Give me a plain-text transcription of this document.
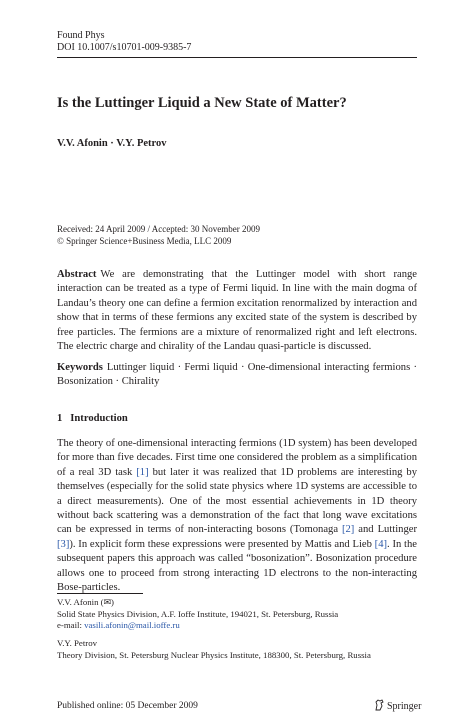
Found Phys
DOI 10.1007/s10701-009-9385-7
Is the Luttinger Liquid a New State of Matter?
V.V. Afonin · V.Y. Petrov
Received: 24 April 2009 / Accepted: 30 November 2009
© Springer Science+Business Media, LLC 2009
Abstract We are demonstrating that the Luttinger model with short range interaction can be treated as a type of Fermi liquid. In line with the main dogma of Landau’s theory one can define a fermion excitation renormalized by interaction and show that in terms of these fermions any excited state of the system is described by free particles. The fermions are a mixture of renormalized right and left electrons. The electric charge and chirality of the Landau quasi-particle is discussed.
Keywords Luttinger liquid · Fermi liquid · One-dimensional interacting fermions · Bosonization · Chirality
1 Introduction
The theory of one-dimensional interacting fermions (1D system) has been developed for more than five decades. First time one considered the problem as a simplification of a real 3D task [1] but later it was realized that 1D problems are interesting by themselves (especially for the solid state physics where 1D systems are accessible to a direct measurements). One of the most essential achievements in 1D theory without back scattering was a demonstration of the fact that long wave excitations can be expressed in terms of non-interacting bosons (Tomonaga [2] and Luttinger [3]). In explicit form these expressions were presented by Mattis and Lieb [4]. In the subsequent papers this approach was called “bosonization”. Bosonization procedure allows one to proceed from strong interacting 1D electrons to the non-interacting Bose-particles.
V.V. Afonin (✉)
Solid State Physics Division, A.F. Ioffe Institute, 194021, St. Petersburg, Russia
e-mail: vasili.afonin@mail.ioffe.ru
V.Y. Petrov
Theory Division, St. Petersburg Nuclear Physics Institute, 188300, St. Petersburg, Russia
Published online: 05 December 2009	Springer
